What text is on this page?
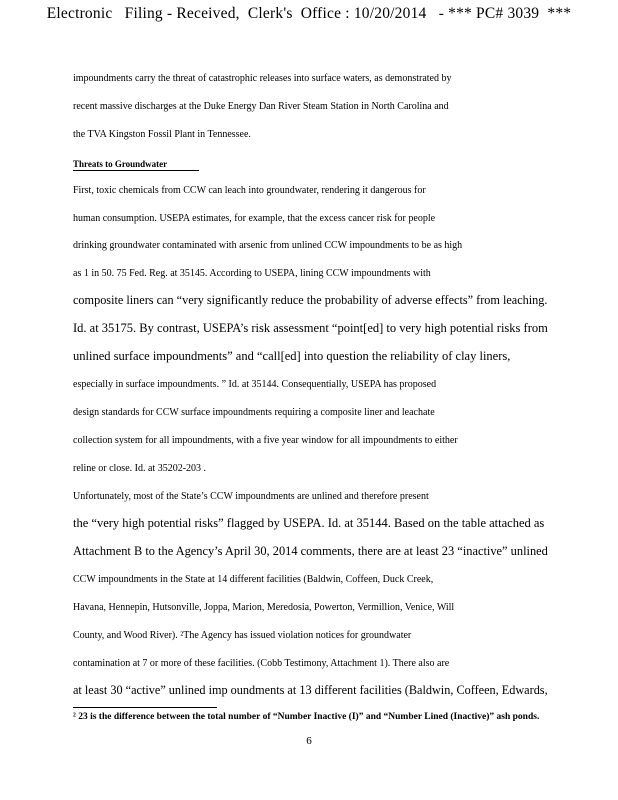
Electronic   Filing - Received,  Clerk's  Office : 10/20/2014   - *** PC# 3039  ***
impoundments carry the threat of catastrophic releases into surface waters, as demonstrated by
recent massive discharges at the Duke Energy Dan River Steam Station in North Carolina and
the TVA Kingston Fossil Plant in Tennessee.
Threats to Groundwater
First, toxic chemicals from CCW can leach into groundwater, rendering it dangerous for
human consumption. USEPA estimates, for example, that the excess cancer risk for people
drinking groundwater contaminated with arsenic from unlined CCW impoundments to be as high
as 1 in 50. 75 Fed. Reg. at 35145. According to USEPA, lining CCW impoundments with
composite liners can “very significantly reduce the probability of adverse effects” from leaching.
Id. at 35175. By contrast, USEPA’s risk assessment “point[ed] to very high potential risks from
unlined surface impoundments” and “call[ed] into question the reliability of clay liners,
especially in surface impoundments. ” Id. at 35144. Consequentially, USEPA has proposed
design standards for CCW surface impoundments requiring a composite liner and leachate
collection system for all impoundments, with a five year window for all impoundments to either
reline or close. Id. at 35202-203 .
Unfortunately, most of the State’s CCW impoundments are unlined and therefore present
the “very high potential risks” flagged by USEPA. Id. at 35144. Based on the table attached as
Attachment B to the Agency’s April 30, 2014 comments, there are at least 23 “inactive” unlined
CCW impoundments in the State at 14 different facilities (Baldwin, Coffeen, Duck Creek,
Havana, Hennepin, Hutsonville, Joppa, Marion, Meredosia, Powerton, Vermillion, Venice, Will
County, and Wood River). ²The Agency has issued violation notices for groundwater
contamination at 7 or more of these facilities. (Cobb Testimony, Attachment 1). There also are
at least 30 “active” unlined imp oundments at 13 different facilities (Baldwin, Coffeen, Edwards,
² 23 is the difference between the total number of “Number Inactive (I)” and “Number Lined (Inactive)” ash ponds.
6
